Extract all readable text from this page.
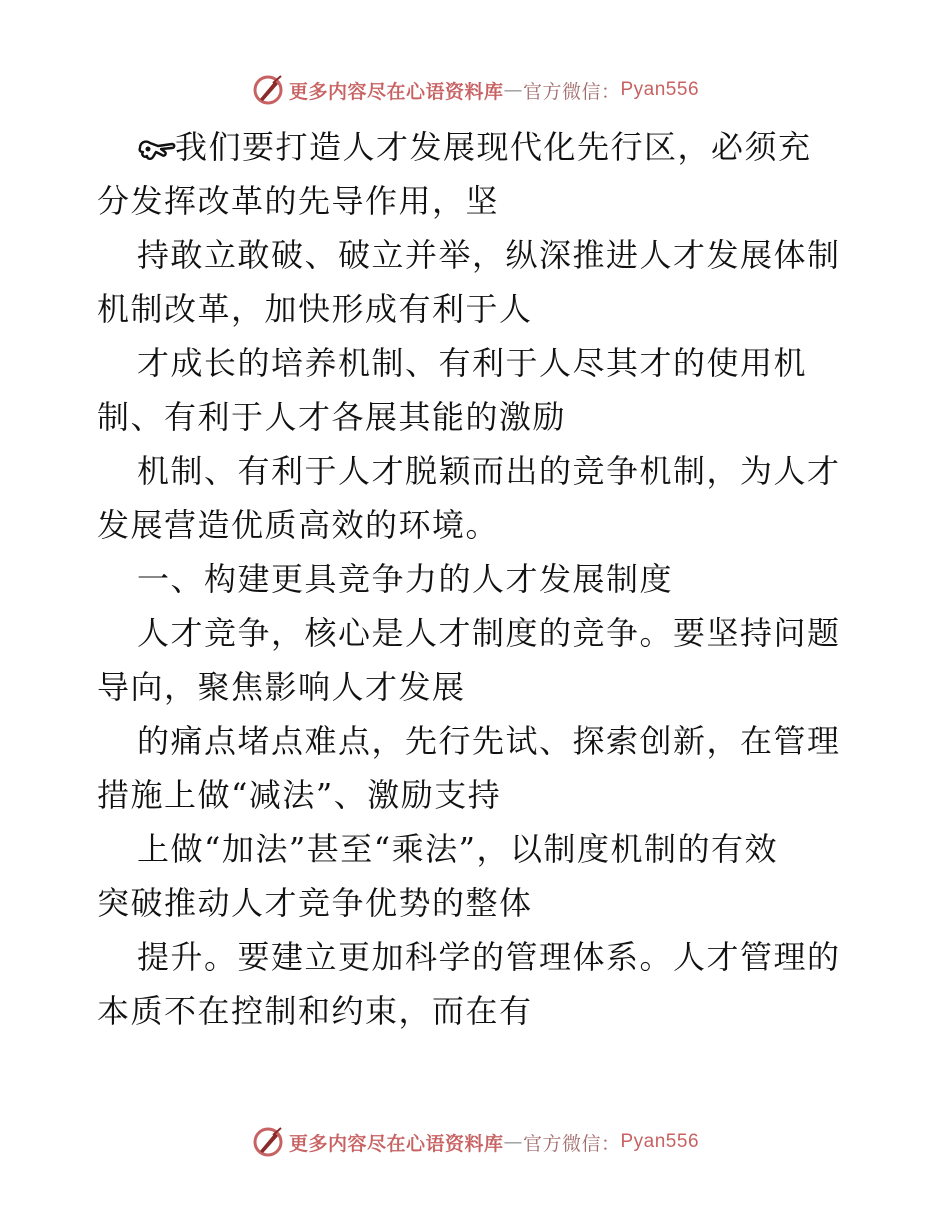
更多内容尽在心语资料库 — 官方微信： Pyan556
我们要打造人才发展现代化先行区，必须充
分发挥改革的先导作用，坚
持敢立敢破、破立并举，纵深推进人才发展体制
机制改革，加快形成有利于人
才成长的培养机制、有利于人尽其才的使用机
制、有利于人才各展其能的激励
机制、有利于人才脱颖而出的竞争机制，为人才
发展营造优质高效的环境。
一、构建更具竞争力的人才发展制度
人才竞争，核心是人才制度的竞争。要坚持问题
导向，聚焦影响人才发展
的痛点堵点难点，先行先试、探索创新，在管理
措施上做“减法”、激励支持
上做“加法”甚至“乘法”，以制度机制的有效
突破推动人才竞争优势的整体
提升。要建立更加科学的管理体系。人才管理的
本质不在控制和约束，而在有
更多内容尽在心语资料库 — 官方微信： Pyan556
